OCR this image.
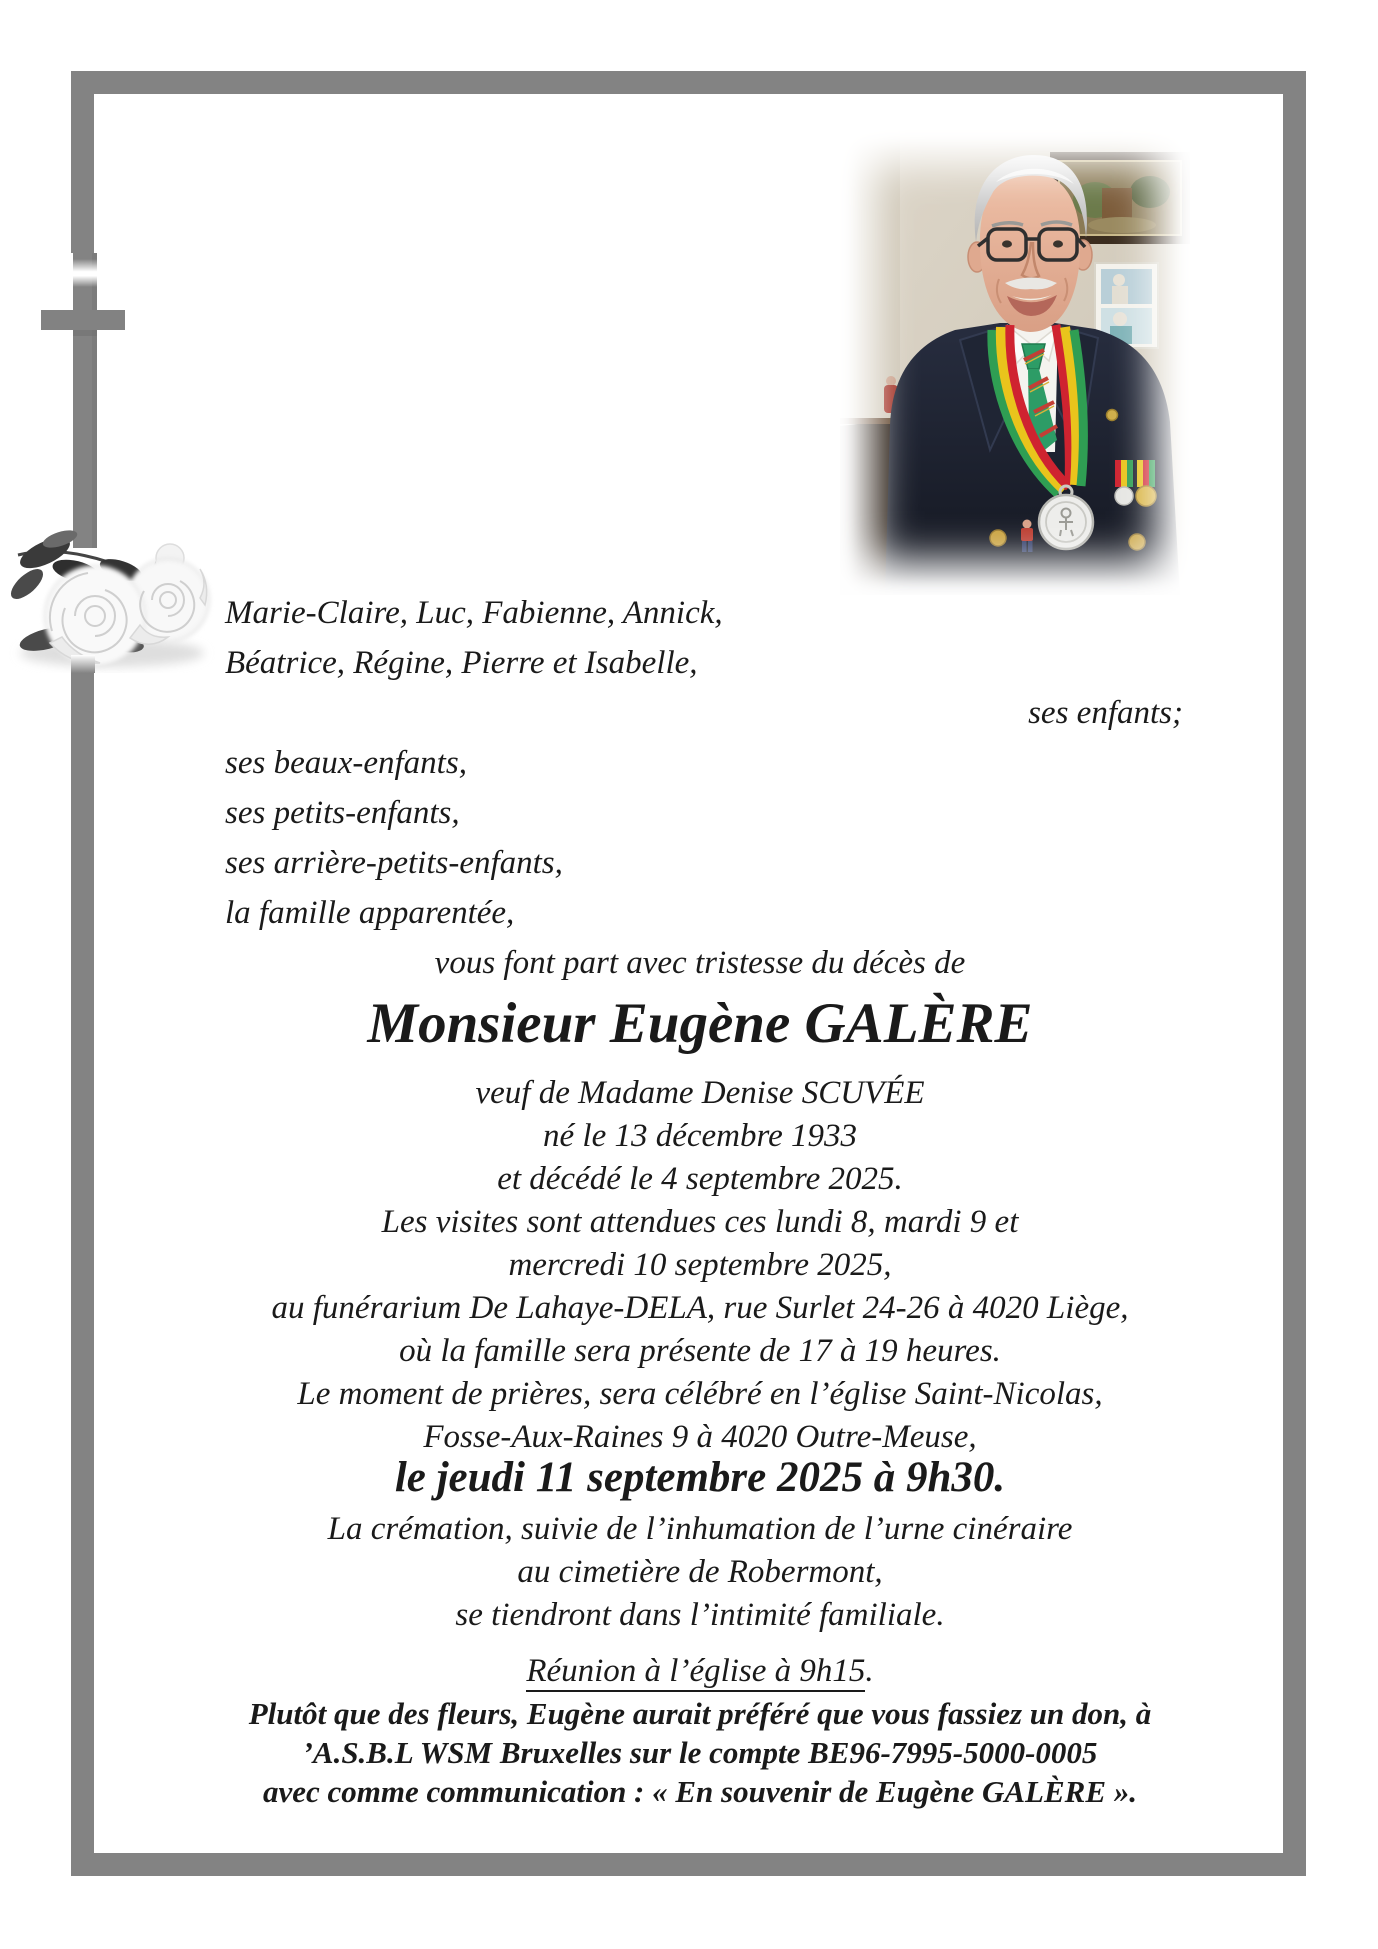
Marie-Claire, Luc, Fabienne, Annick,
Béatrice, Régine, Pierre et Isabelle,
ses enfants;
ses beaux-enfants,
ses petits-enfants,
ses arrière-petits-enfants,
la famille apparentée,
vous font part avec tristesse du décès de
Monsieur Eugène GALÈRE
veuf de Madame Denise SCUVÉE
né le 13 décembre 1933
et décédé le 4 septembre 2025.
Les visites sont attendues ces lundi 8, mardi 9 et
mercredi 10 septembre 2025,
au funérarium De Lahaye-DELA, rue Surlet 24-26 à 4020 Liège,
où la famille sera présente de 17 à 19 heures.
Le moment de prières, sera célébré en l’église Saint-Nicolas,
Fosse-Aux-Raines 9 à 4020 Outre-Meuse,
le jeudi 11 septembre 2025 à 9h30.
La crémation, suivie de l’inhumation de l’urne cinéraire
au cimetière de Robermont,
se tiendront dans l’intimité familiale.
Réunion à l’église à 9h15.
Plutôt que des fleurs, Eugène aurait préféré que vous fassiez un don, à
’A.S.B.L WSM Bruxelles sur le compte BE96-7995-5000-0005
avec comme communication : « En souvenir de Eugène GALÈRE ».
